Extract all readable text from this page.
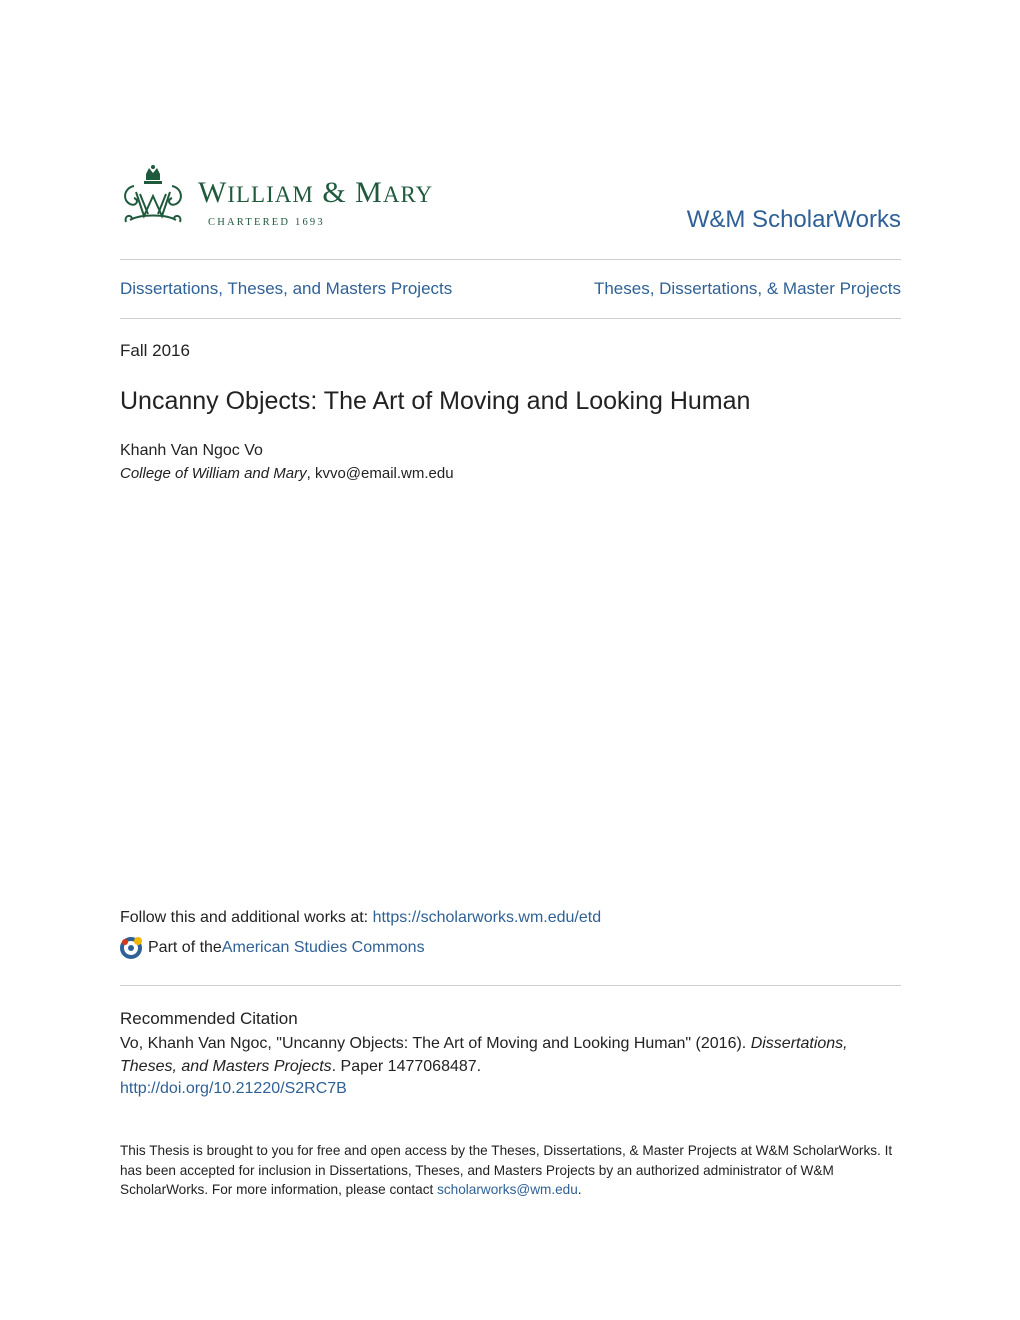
WILLIAM & MARY
CHARTERED 1693	W&M ScholarWorks
Dissertations, Theses, and Masters Projects	Theses, Dissertations, & Master Projects
Fall 2016
Uncanny Objects: The Art of Moving and Looking Human
Khanh Van Ngoc Vo
College of William and Mary, kvvo@email.wm.edu
Follow this and additional works at: https://scholarworks.wm.edu/etd
Part of the American Studies Commons
Recommended Citation
Vo, Khanh Van Ngoc, "Uncanny Objects: The Art of Moving and Looking Human" (2016). Dissertations, Theses, and Masters Projects. Paper 1477068487.
http://doi.org/10.21220/S2RC7B
This Thesis is brought to you for free and open access by the Theses, Dissertations, & Master Projects at W&M ScholarWorks. It has been accepted for inclusion in Dissertations, Theses, and Masters Projects by an authorized administrator of W&M ScholarWorks. For more information, please contact scholarworks@wm.edu.
